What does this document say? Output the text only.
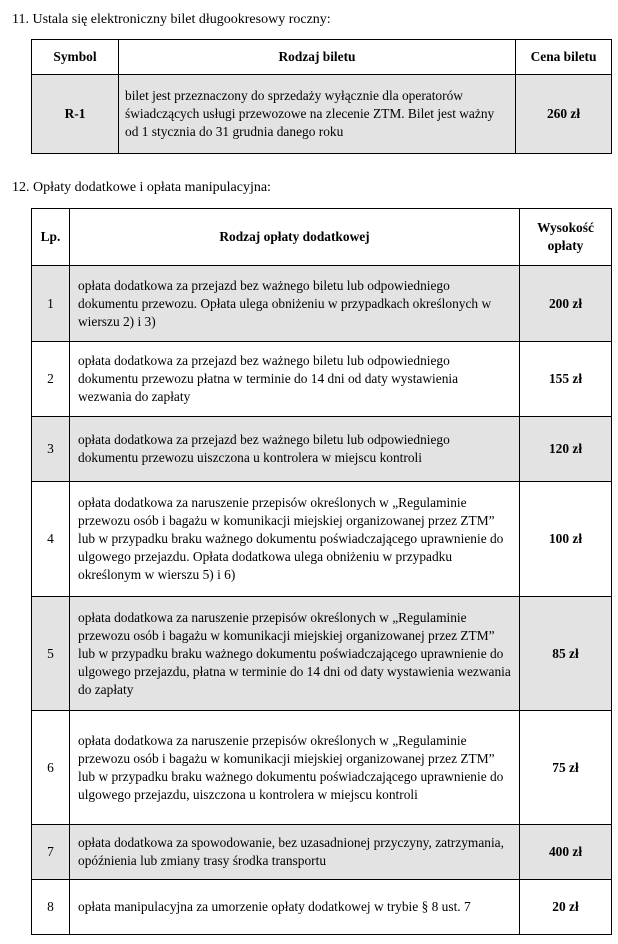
11. Ustala się elektroniczny bilet długookresowy roczny:
Symbol	Rodzaj biletu	Cena biletu
R-1	bilet jest przeznaczony do sprzedaży wyłącznie dla operatorów świadczących usługi przewozowe na zlecenie ZTM. Bilet jest ważny od 1 stycznia do 31 grudnia danego roku	260 zł
12. Opłaty dodatkowe i opłata manipulacyjna:
Lp.	Rodzaj opłaty dodatkowej	Wysokość opłaty
1	opłata dodatkowa za przejazd bez ważnego biletu lub odpowiedniego dokumentu przewozu. Opłata ulega obniżeniu w przypadkach określonych w wierszu 2) i 3)	200 zł
2	opłata dodatkowa za przejazd bez ważnego biletu lub odpowiedniego dokumentu przewozu płatna w terminie do 14 dni od daty wystawienia wezwania do zapłaty	155 zł
3	opłata dodatkowa za przejazd bez ważnego biletu lub odpowiedniego dokumentu przewozu uiszczona u kontrolera w miejscu kontroli	120 zł
4	opłata dodatkowa za naruszenie przepisów określonych w „Regulaminie przewozu osób i bagażu w komunikacji miejskiej organizowanej przez ZTM” lub w przypadku braku ważnego dokumentu poświadczającego uprawnienie do ulgowego przejazdu. Opłata dodatkowa ulega obniżeniu w przypadku określonym w wierszu 5) i 6)	100 zł
5	opłata dodatkowa za naruszenie przepisów określonych w „Regulaminie przewozu osób i bagażu w komunikacji miejskiej organizowanej przez ZTM” lub w przypadku braku ważnego dokumentu poświadczającego uprawnienie do ulgowego przejazdu, płatna w terminie do 14 dni od daty wystawienia wezwania do zapłaty	85 zł
6	opłata dodatkowa za naruszenie przepisów określonych w „Regulaminie przewozu osób i bagażu w komunikacji miejskiej organizowanej przez ZTM” lub w przypadku braku ważnego dokumentu poświadczającego uprawnienie do ulgowego przejazdu, uiszczona u kontrolera w miejscu kontroli	75 zł
7	opłata dodatkowa za spowodowanie, bez uzasadnionej przyczyny, zatrzymania, opóźnienia lub zmiany trasy środka transportu	400 zł
8	opłata manipulacyjna za umorzenie opłaty dodatkowej w trybie § 8 ust. 7	20 zł
